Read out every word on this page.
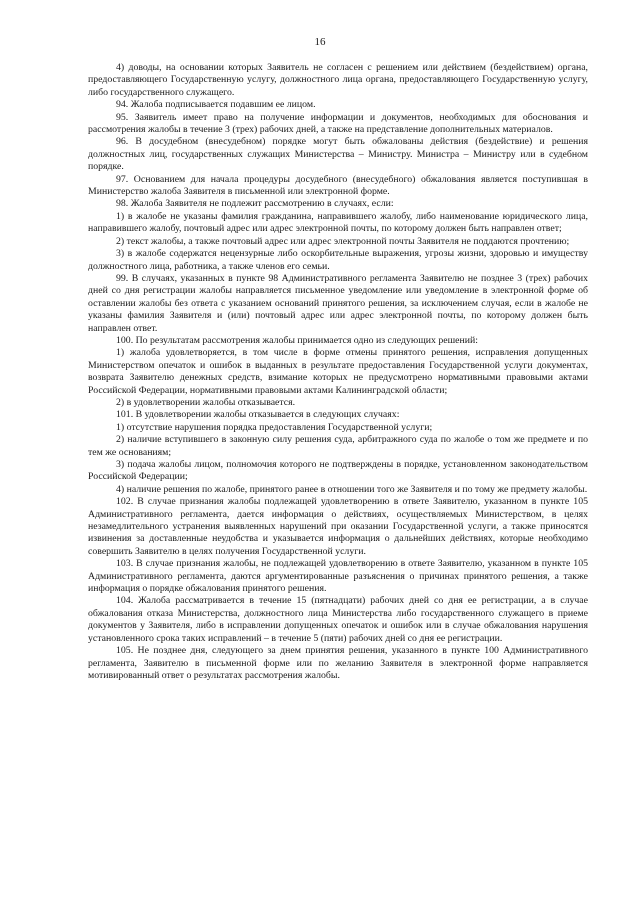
16

4) доводы, на основании которых Заявитель не согласен с решением или действием (бездействием) органа, предоставляющего Государственную услугу, должностного лица органа, предоставляющего Государственную услугу, либо государственного служащего.

94. Жалоба подписывается подавшим ее лицом.

95. Заявитель имеет право на получение информации и документов, необходимых для обоснования и рассмотрения жалобы в течение 3 (трех) рабочих дней, а также на представление дополнительных материалов.

96. В досудебном (внесудебном) порядке могут быть обжалованы действия (бездействие) и решения должностных лиц, государственных служащих Министерства – Министру. Министра – Министру или в судебном порядке.

97. Основанием для начала процедуры досудебного (внесудебного) обжалования является поступившая в Министерство жалоба Заявителя в письменной или электронной форме.

98. Жалоба Заявителя не подлежит рассмотрению в случаях, если:

1) в жалобе не указаны фамилия гражданина, направившего жалобу, либо наименование юридического лица, направившего жалобу, почтовый адрес или адрес электронной почты, по которому должен быть направлен ответ;

2) текст жалобы, а также почтовый адрес или адрес электронной почты Заявителя не поддаются прочтению;

3) в жалобе содержатся нецензурные либо оскорбительные выражения, угрозы жизни, здоровью и имуществу должностного лица, работника, а также членов его семьи.

99. В случаях, указанных в пункте 98 Административного регламента Заявителю не позднее 3 (трех) рабочих дней со дня регистрации жалобы направляется письменное уведомление или уведомление в электронной форме об оставлении жалобы без ответа с указанием оснований принятого решения, за исключением случая, если в жалобе не указаны фамилия Заявителя и (или) почтовый адрес или адрес электронной почты, по которому должен быть направлен ответ.

100. По результатам рассмотрения жалобы принимается одно из следующих решений:

1) жалоба удовлетворяется, в том числе в форме отмены принятого решения, исправления допущенных Министерством опечаток и ошибок в выданных в результате предоставления Государственной услуги документах, возврата Заявителю денежных средств, взимание которых не предусмотрено нормативными правовыми актами Российской Федерации, нормативными правовыми актами Калининградской области;

2) в удовлетворении жалобы отказывается.

101. В удовлетворении жалобы отказывается в следующих случаях:

1) отсутствие нарушения порядка предоставления Государственной услуги;

2) наличие вступившего в законную силу решения суда, арбитражного суда по жалобе о том же предмете и по тем же основаниям;

3) подача жалобы лицом, полномочия которого не подтверждены в порядке, установленном законодательством Российской Федерации;

4) наличие решения по жалобе, принятого ранее в отношении того же Заявителя и по тому же предмету жалобы.

102. В случае признания жалобы подлежащей удовлетворению в ответе Заявителю, указанном в пункте 105 Административного регламента, дается информация о действиях, осуществляемых Министерством, в целях незамедлительного устранения выявленных нарушений при оказании Государственной услуги, а также приносятся извинения за доставленные неудобства и указывается информация о дальнейших действиях, которые необходимо совершить Заявителю в целях получения Государственной услуги.

103. В случае признания жалобы, не подлежащей удовлетворению в ответе Заявителю, указанном в пункте 105 Административного регламента, даются аргументированные разъяснения о причинах принятого решения, а также информация о порядке обжалования принятого решения.

104. Жалоба рассматривается в течение 15 (пятнадцати) рабочих дней со дня ее регистрации, а в случае обжалования отказа Министерства, должностного лица Министерства либо государственного служащего в приеме документов у Заявителя, либо в исправлении допущенных опечаток и ошибок или в случае обжалования нарушения установленного срока таких исправлений – в течение 5 (пяти) рабочих дней со дня ее регистрации.

105. Не позднее дня, следующего за днем принятия решения, указанного в пункте 100 Административного регламента, Заявителю в письменной форме или по желанию Заявителя в электронной форме направляется мотивированный ответ о результатах рассмотрения жалобы.
